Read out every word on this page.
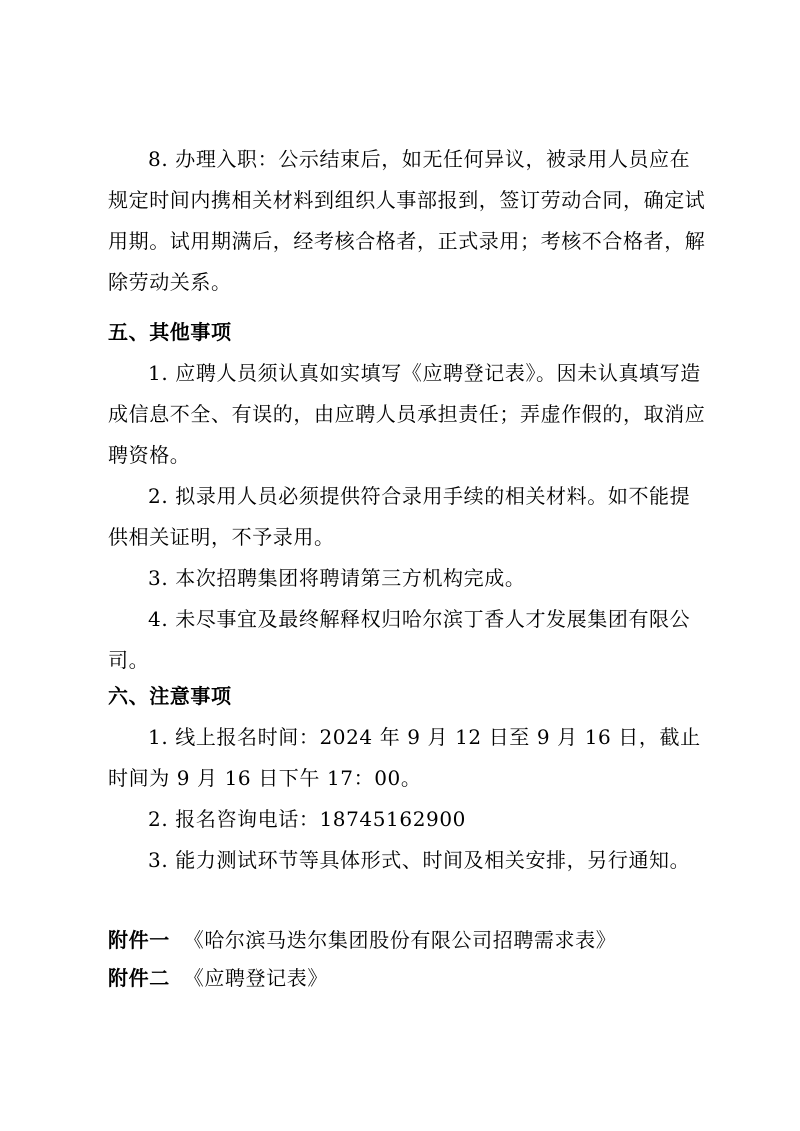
8. 办理入职：公示结束后，如无任何异议，被录用人员应在规定时间内携相关材料到组织人事部报到，签订劳动合同，确定试用期。试用期满后，经考核合格者，正式录用；考核不合格者，解除劳动关系。

五、其他事项

1. 应聘人员须认真如实填写《应聘登记表》。因未认真填写造成信息不全、有误的，由应聘人员承担责任；弄虚作假的，取消应聘资格。

2. 拟录用人员必须提供符合录用手续的相关材料。如不能提供相关证明，不予录用。

3. 本次招聘集团将聘请第三方机构完成。

4. 未尽事宜及最终解释权归哈尔滨丁香人才发展集团有限公司。

六、注意事项

1. 线上报名时间：2024 年 9 月 12 日至 9 月 16 日，截止时间为 9 月 16 日下午 17：00。

2. 报名咨询电话：18745162900

3. 能力测试环节等具体形式、时间及相关安排，另行通知。

附件一 《哈尔滨马迭尔集团股份有限公司招聘需求表》

附件二 《应聘登记表》
